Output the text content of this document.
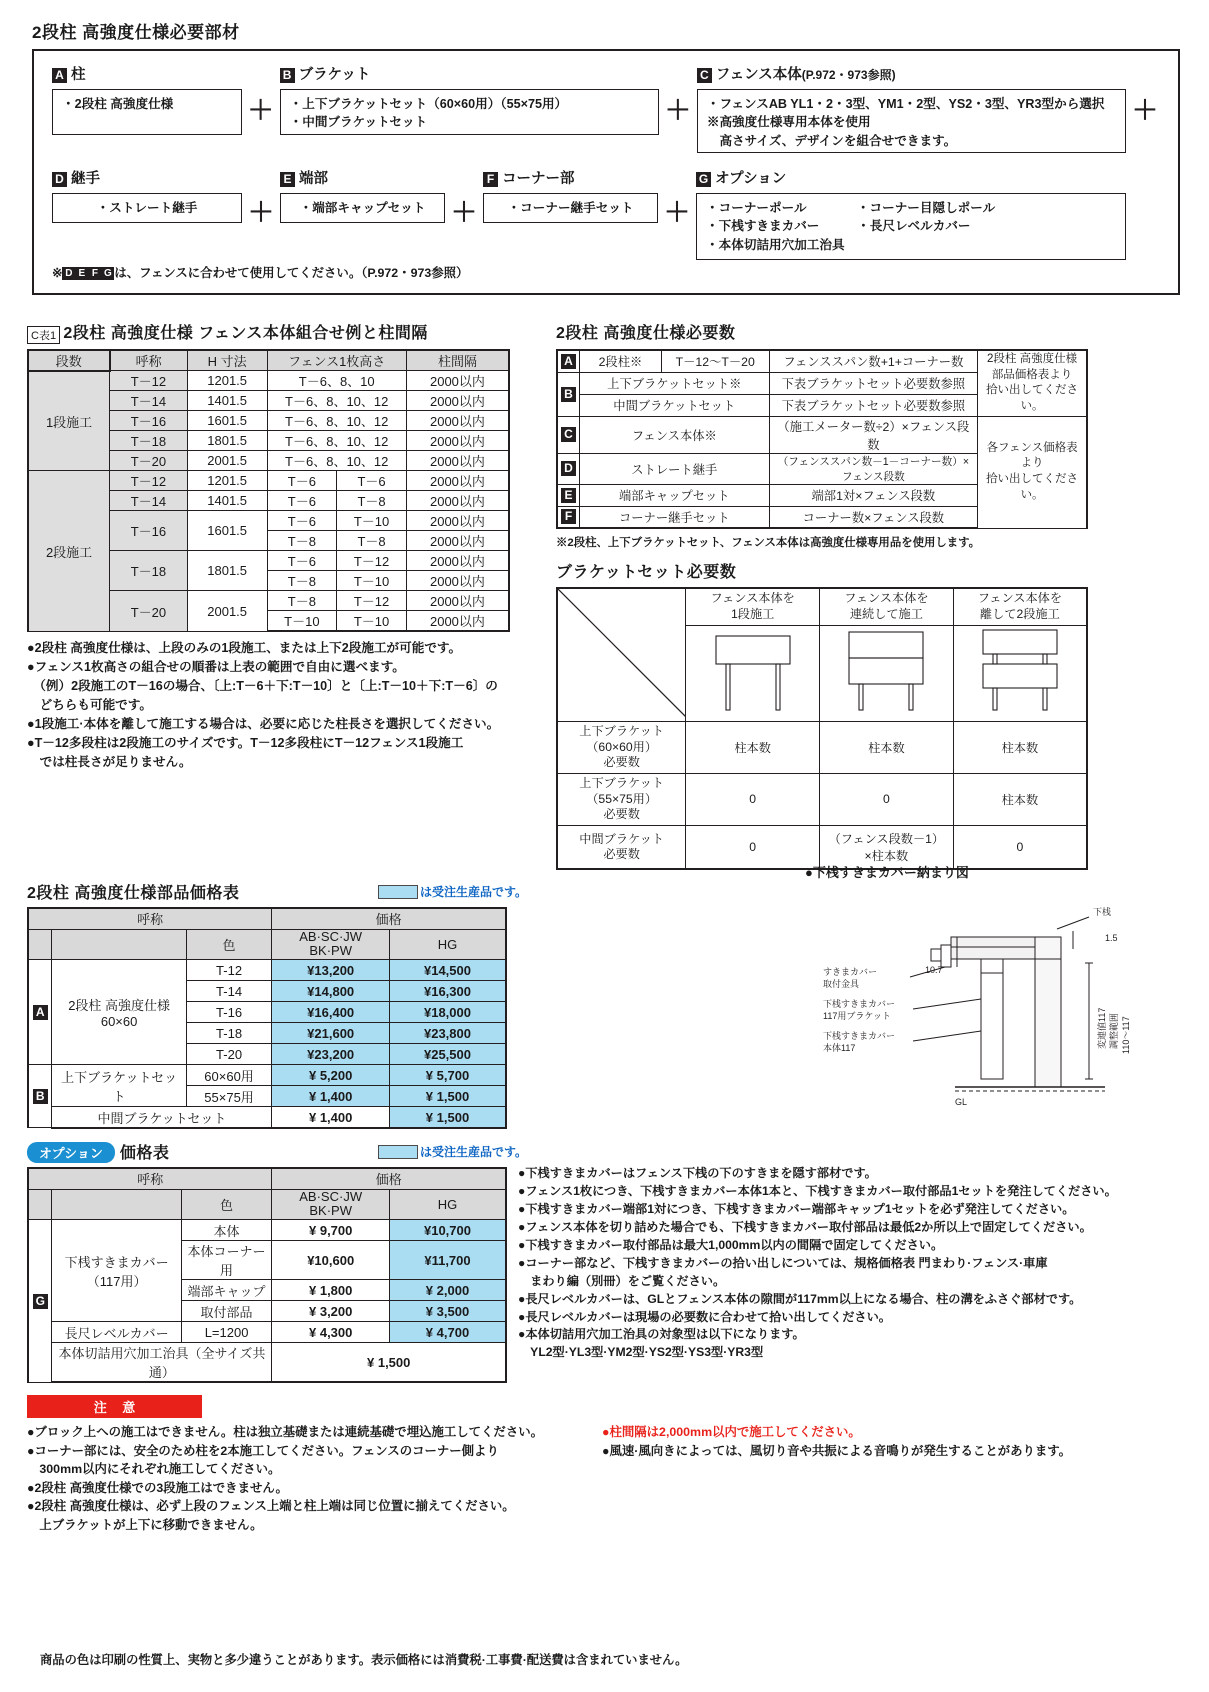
2段柱 高強度仕様必要部材
A 柱
・2段柱 高強度仕様	＋
B ブラケット
・上下ブラケットセット（60×60用）（55×75用）
・中間ブラケットセット	＋
C フェンス本体(P.972・973参照)
・フェンスAB YL1・2・3型、YM1・2型、YS2・3型、YR3型から選択
※高強度仕様専用本体を使用
　高さサイズ、デザインを組合せできます。
＋
D 継手
・ストレート継手	＋
E 端部
・端部キャップセット ＋
F コーナー部
・コーナー継手セット	＋
G オプション
・コーナーポール　　　　・コーナー目隠しポール
・下桟すきまカバー　　　・長尺レベルカバー
・本体切詰用穴加工治具
※ D E F G は、フェンスに合わせて使用してください。（P.972・973参照）
C表1 2段柱 高強度仕様 フェンス本体組合せ例と柱間隔
段数	呼称	H 寸法	フェンス1枚高さ		柱間隔
1段施工	T－12	1201.5	T－6、8、10		2000以内
	T－14	1401.5	T－6、8、10、12		2000以内
	T－16	1601.5	T－6、8、10、12		2000以内
	T－18	1801.5	T－6、8、10、12		2000以内
	T－20	2001.5	T－6、8、10、12		2000以内
2段施工	T－12	1201.5	T－6	T－6	2000以内
	T－14	1401.5	T－6	T－8	2000以内
	T－16	1601.5	T－6	T－10	2000以内
			T－8	T－8	2000以内
	T－18	1801.5	T－6	T－12	2000以内
			T－8	T－10	2000以内
	T－20	2001.5	T－8	T－12	2000以内
			T－10	T－10	2000以内
●2段柱 高強度仕様は、上段のみの1段施工、または上下2段施工が可能です。
●フェンス1枚高さの組合せの順番は上表の範囲で自由に選べます。
　（例）2段施工のT－16の場合、〔上:T－6＋下:T－10〕と〔上:T－10＋下:T－6〕の
　どちらも可能です。
●1段施工·本体を離して施工する場合は、必要に応じた柱長さを選択してください。
●T－12多段柱は2段施工のサイズです。T－12多段柱にT－12フェンス1段施工
　では柱長さが足りません。
2段柱 高強度仕様必要数
A	2段柱※	T－12～T－20	フェンススパン数+1+コーナー数	2段柱 高強度仕様
部品価格表より
拾い出してください。

B	上下ブラケットセット※		下表ブラケットセット必要数参照	
	中間ブラケットセット		下表ブラケットセット必要数参照	
C	フェンス本体※		（施工メーター数÷2）×フェンス段数	各フェンス価格表より
拾い出してください。

D	ストレート継手		（フェンススパン数－1－コーナー数）×フェンス段数	
E	端部キャップセット		端部1対×フェンス段数	
F	コーナー継手セット		コーナー数×フェンス段数	
※2段柱、上下ブラケットセット、フェンス本体は高強度仕様専用品を使用します。
ブラケットセット必要数

フェンス本体を
1段施工

フェンス本体を
連続して施工

フェンス本体を
離して2段施工

上下ブラケット
（60×60用）
必要数	柱本数	柱本数	柱本数

上下ブラケット
（55×75用）
必要数	0	0	柱本数

中間ブラケット
必要数	0	
（フェンス段数－1）
×柱本数
	0
2段柱 高強度仕様部品価格表	は受注生産品です。
呼称			価格	

		色	AB·SC·JW
BK·PW	HG
A	2段柱 高強度仕様
60×60	T-12	¥13,200	¥14,500
		T-14	¥14,800	¥16,300
		T-16	¥16,400	¥18,000
		T-18	¥21,600	¥23,800
		T-20	¥23,200	¥25,500
B	上下ブラケットセット	60×60用	¥ 5,200	¥ 5,700
		55×75用	¥ 1,400	¥ 1,500
	中間ブラケットセット		¥ 1,400	¥ 1,500
オプション 価格表	は受注生産品です。
呼称			価格	

		色	AB·SC·JW
BK·PW	HG
G	下桟すきまカバー
（117用）	本体	¥ 9,700	¥10,700
		本体コーナー用	¥10,600	¥11,700
		端部キャップ	¥ 1,800	¥ 2,000
		取付部品	¥ 3,200	¥ 3,500
	長尺レベルカバー	L=1200	¥ 4,300	¥ 4,700
	本体切詰用穴加工治具（全サイズ共通）		¥ 1,500	
●下桟すきまカバー納まり図
下桟
すきまカバー
取付金具
10.7
下桟すきまカバー
117用ブラケット
下桟すきまカバー
本体117
GL
1.5
変連値117 調整範囲 110～117
●下桟すきまカバーはフェンス下桟の下のすきまを隠す部材です。
●フェンス1枚につき、下桟すきまカバー本体1本と、下桟すきまカバー取付部品1セットを発注してください。
●下桟すきまカバー端部1対につき、下桟すきまカバー端部キャップ1セットを必ず発注してください。
●フェンス本体を切り詰めた場合でも、下桟すきまカバー取付部品は最低2か所以上で固定してください。
●下桟すきまカバー取付部品は最大1,000mm以内の間隔で固定してください。
●コーナー部など、下桟すきまカバーの拾い出しについては、規格価格表 門まわり·フェンス·車庫
　まわり編（別冊）をご覧ください。
●長尺レベルカバーは、GLとフェンス本体の隙間が117mm以上になる場合、柱の溝をふさぐ部材です。
●長尺レベルカバーは現場の必要数に合わせて拾い出してください。
●本体切詰用穴加工治具の対象型は以下になります。
　YL2型·YL3型·YM2型·YS2型·YS3型·YR3型
注 意
●ブロック上への施工はできません。柱は独立基礎または連続基礎で埋込施工してください。
●コーナー部には、安全のため柱を2本施工してください。フェンスのコーナー側より
　300mm以内にそれぞれ施工してください。
●2段柱 高強度仕様での3段施工はできません。
●2段柱 高強度仕様は、必ず上段のフェンス上端と柱上端は同じ位置に揃えてください。
　上ブラケットが上下に移動できません。
●柱間隔は2,000mm以内で施工してください。
●風速·風向きによっては、風切り音や共振による音鳴りが発生することがあります。
商品の色は印刷の性質上、実物と多少違うことがあります。表示価格には消費税·工事費·配送費は含まれていません。
